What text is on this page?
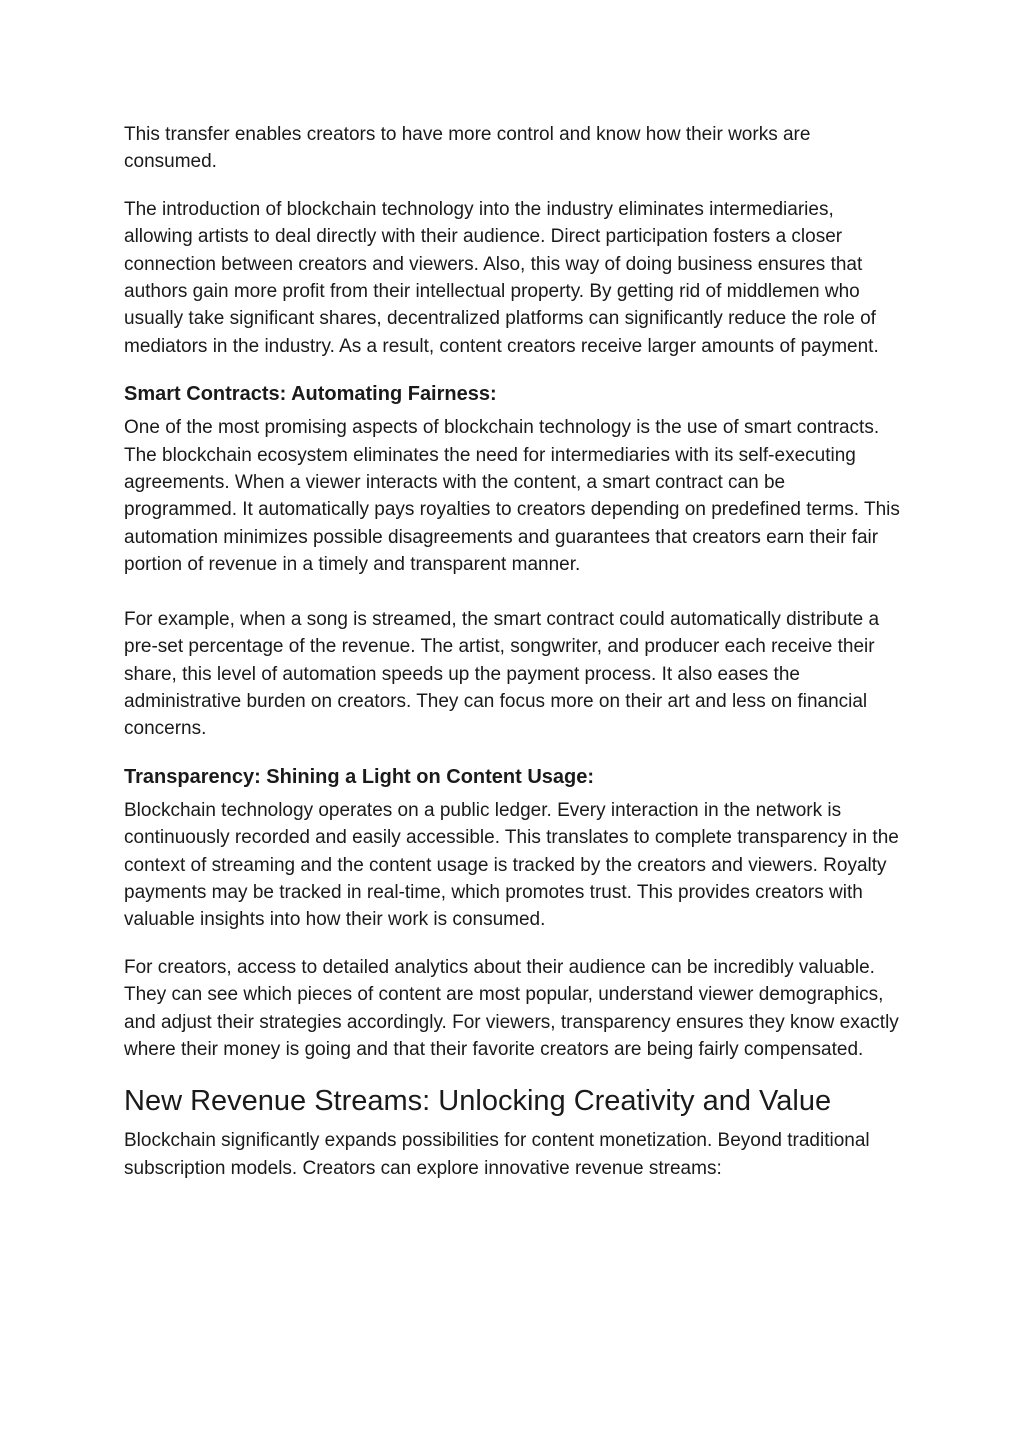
This transfer enables creators to have more control and know how their works are consumed.

The introduction of blockchain technology into the industry eliminates intermediaries, allowing artists to deal directly with their audience. Direct participation fosters a closer connection between creators and viewers. Also, this way of doing business ensures that authors gain more profit from their intellectual property. By getting rid of middlemen who usually take significant shares, decentralized platforms can significantly reduce the role of mediators in the industry. As a result, content creators receive larger amounts of payment.

Smart Contracts: Automating Fairness:

One of the most promising aspects of blockchain technology is the use of smart contracts. The blockchain ecosystem eliminates the need for intermediaries with its self-executing agreements. When a viewer interacts with the content, a smart contract can be programmed. It automatically pays royalties to creators depending on predefined terms. This automation minimizes possible disagreements and guarantees that creators earn their fair portion of revenue in a timely and transparent manner.

For example, when a song is streamed, the smart contract could automatically distribute a pre-set percentage of the revenue. The artist, songwriter, and producer each receive their share, this level of automation speeds up the payment process. It also eases the administrative burden on creators. They can focus more on their art and less on financial concerns.

Transparency: Shining a Light on Content Usage:

Blockchain technology operates on a public ledger. Every interaction in the network is continuously recorded and easily accessible. This translates to complete transparency in the context of streaming and the content usage is tracked by the creators and viewers. Royalty payments may be tracked in real-time, which promotes trust. This provides creators with valuable insights into how their work is consumed.

For creators, access to detailed analytics about their audience can be incredibly valuable. They can see which pieces of content are most popular, understand viewer demographics, and adjust their strategies accordingly. For viewers, transparency ensures they know exactly where their money is going and that their favorite creators are being fairly compensated.

New Revenue Streams: Unlocking Creativity and Value

Blockchain significantly expands possibilities for content monetization. Beyond traditional subscription models. Creators can explore innovative revenue streams:
